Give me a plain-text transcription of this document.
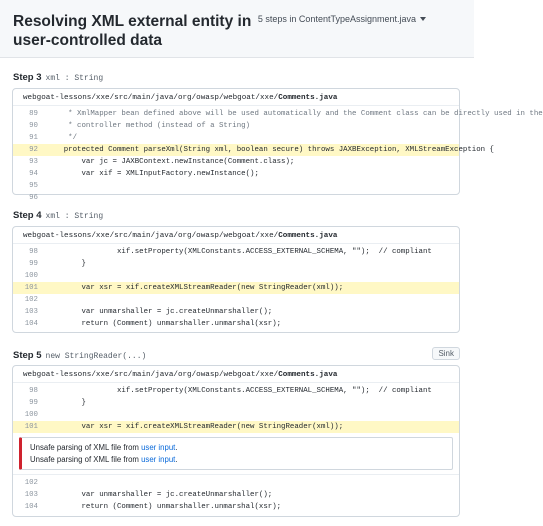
Resolving XML external entity in user-controlled data
5 steps in ContentTypeAssignment.java
Step 3 xml : String
webgoat-lessons/xxe/src/main/java/org/owasp/webgoat/xxe/Comments.java
89 * XmlMapper bean defined above will be used automatically and the Comment class can be directly used in the
90 * controller method (instead of a String)
91 */
92 protected Comment parseXml(String xml, boolean secure) throws JAXBException, XMLStreamException {
93 var jc = JAXBContext.newInstance(Comment.class);
94 var xif = XMLInputFactory.newInstance();
95
96
Step 4 xml : String
webgoat-lessons/xxe/src/main/java/org/owasp/webgoat/xxe/Comments.java
98 xif.setProperty(XMLConstants.ACCESS_EXTERNAL_SCHEMA, "");  // compliant
99 }
100
101 var xsr = xif.createXMLStreamReader(new StringReader(xml));
102
103 var unmarshaller = jc.createUnmarshaller();
104 return (Comment) unmarshaller.unmarshal(xsr);
Step 5 new StringReader(...)	Sink
webgoat-lessons/xxe/src/main/java/org/owasp/webgoat/xxe/Comments.java
98 xif.setProperty(XMLConstants.ACCESS_EXTERNAL_SCHEMA, "");  // compliant
99 }
100
101 var xsr = xif.createXMLStreamReader(new StringReader(xml));
Unsafe parsing of XML file from user input.
Unsafe parsing of XML file from user input.
102
103 var unmarshaller = jc.createUnmarshaller();
104 return (Comment) unmarshaller.unmarshal(xsr);
